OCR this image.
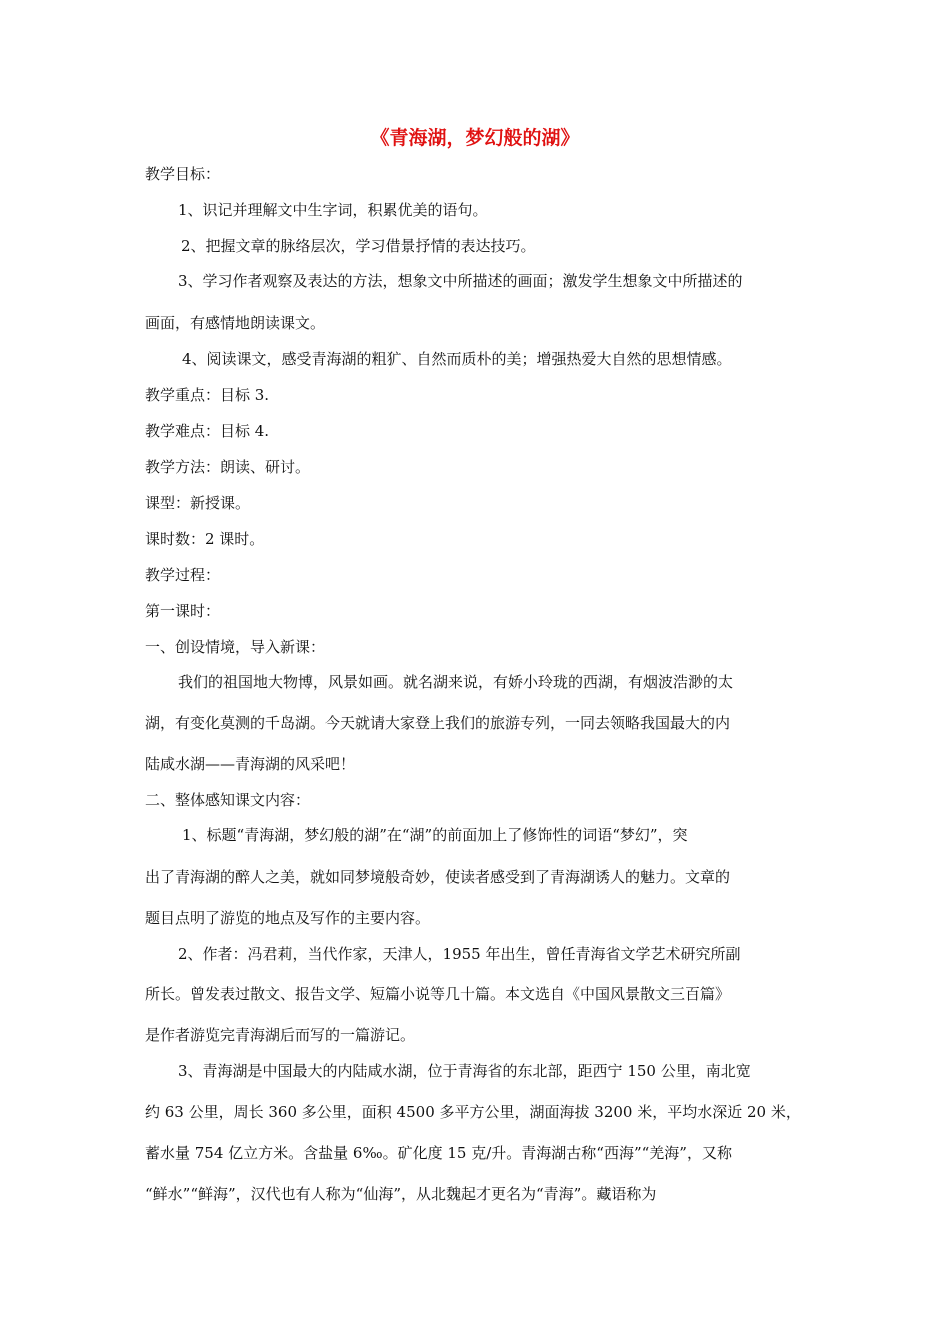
《青海湖，梦幻般的湖》
教学目标：
1、识记并理解文中生字词，积累优美的语句。
2、把握文章的脉络层次，学习借景抒情的表达技巧。
3、学习作者观察及表达的方法，想象文中所描述的画面；激发学生想象文中所描述的
画面，有感情地朗读课文。
4、阅读课文，感受青海湖的粗犷、自然而质朴的美；增强热爱大自然的思想情感。
教学重点：目标 3.
教学难点：目标 4.
教学方法：朗读、研讨。
课型：新授课。
课时数：2 课时。
教学过程：
第一课时：
一、创设情境，导入新课：
我们的祖国地大物博，风景如画。就名湖来说，有娇小玲珑的西湖，有烟波浩渺的太
湖，有变化莫测的千岛湖。今天就请大家登上我们的旅游专列，一同去领略我国最大的内
陆咸水湖——青海湖的风采吧！
二、整体感知课文内容：
1、标题“青海湖，梦幻般的湖”在“湖”的前面加上了修饰性的词语“梦幻”，突
出了青海湖的醉人之美，就如同梦境般奇妙，使读者感受到了青海湖诱人的魅力。文章的
题目点明了游览的地点及写作的主要内容。
2、作者：冯君莉，当代作家，天津人，1955 年出生，曾任青海省文学艺术研究所副
所长。曾发表过散文、报告文学、短篇小说等几十篇。本文选自《中国风景散文三百篇》
是作者游览完青海湖后而写的一篇游记。
3、青海湖是中国最大的内陆咸水湖，位于青海省的东北部，距西宁 150 公里，南北宽
约 63 公里，周长 360 多公里，面积 4500 多平方公里，湖面海拔 3200 米，平均水深近 20 米，
蓄水量 754 亿立方米。含盐量 6‰。矿化度 15 克/升。青海湖古称“西海”“羌海”，又称
“鲜水”“鲜海”，汉代也有人称为“仙海”，从北魏起才更名为“青海”。藏语称为
